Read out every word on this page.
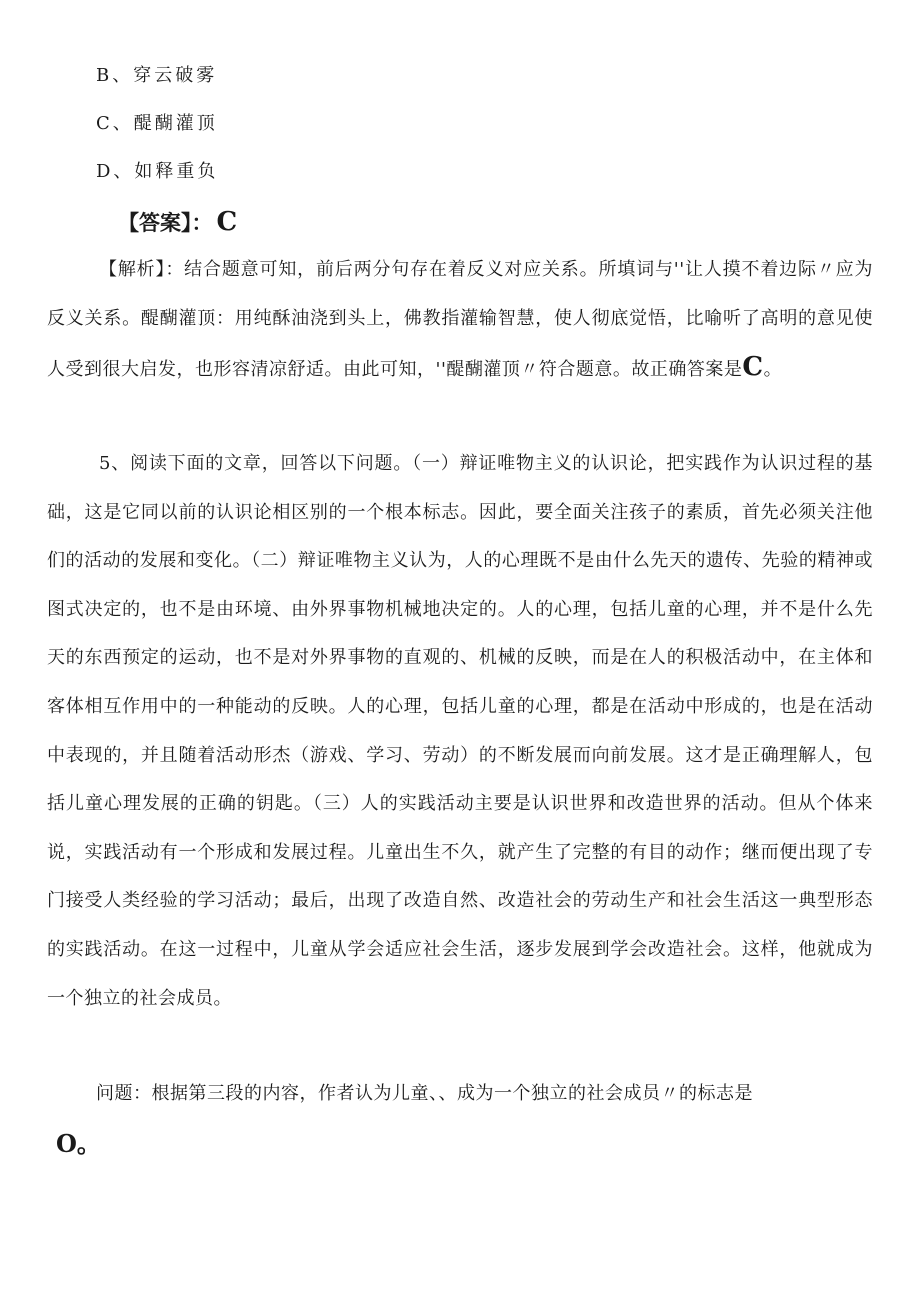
B、穿云破雾
C、醍醐灌顶
D、如释重负
【答案】： C
【解析】：结合题意可知，前后两分句存在着反义对应关系。所填词与''让人摸不着边际〃应为反义关系。醍醐灌顶：用纯酥油浇到头上，佛教指灌输智慧，使人彻底觉悟，比喻听了高明的意见使人受到很大启发，也形容清凉舒适。由此可知，''醍醐灌顶〃符合题意。故正确答案是C。
5、阅读下面的文章，回答以下问题。（一）辩证唯物主义的认识论，把实践作为认识过程的基础，这是它同以前的认识论相区别的一个根本标志。因此，要全面关注孩子的素质，首先必须关注他们的活动的发展和变化。（二）辩证唯物主义认为，人的心理既不是由什么先天的遗传、先验的精神或图式决定的，也不是由环境、由外界事物机械地决定的。人的心理，包括儿童的心理，并不是什么先天的东西预定的运动，也不是对外界事物的直观的、机械的反映，而是在人的积极活动中，在主体和客体相互作用中的一种能动的反映。人的心理，包括儿童的心理，都是在活动中形成的，也是在活动中表现的，并且随着活动形杰（游戏、学习、劳动）的不断发展而向前发展。这才是正确理解人，包括儿童心理发展的正确的钥匙。（三）人的实践活动主要是认识世界和改造世界的活动。但从个体来说，实践活动有一个形成和发展过程。儿童出生不久，就产生了完整的有目的动作；继而便出现了专门接受人类经验的学习活动；最后，出现了改造自然、改造社会的劳动生产和社会生活这一典型形态的实践活动。在这一过程中，儿童从学会适应社会生活，逐步发展到学会改造社会。这样，他就成为一个独立的社会成员。
问题：根据第三段的内容，作者认为儿童、、成为一个独立的社会成员〃的标志是
O。
